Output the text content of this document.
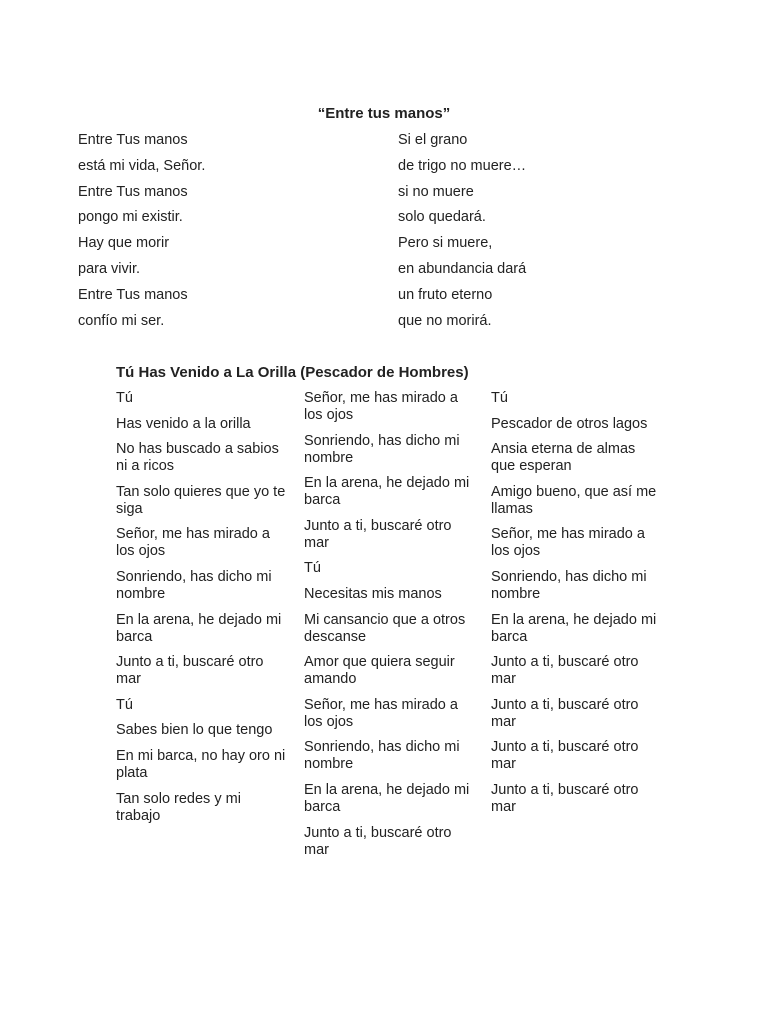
“Entre tus manos”
Entre Tus manos
está mi vida, Señor.
Entre Tus manos
pongo mi existir.
Hay que morir
para vivir.
Entre Tus manos
confío mi ser.
Si el grano
de trigo no muere…
si no muere
solo quedará.
Pero si muere,
en abundancia dará
un fruto eterno
que no morirá.
Tú Has Venido a La Orilla (Pescador de Hombres)
Tú
Has venido a la orilla
No has buscado a sabios ni a ricos
Tan solo quieres que yo te siga
Señor, me has mirado a los ojos
Sonriendo, has dicho mi nombre
En la arena, he dejado mi barca
Junto a ti, buscaré otro mar
Tú
Sabes bien lo que tengo
En mi barca, no hay oro ni plata
Tan solo redes y mi trabajo
Señor, me has mirado a los ojos
Sonriendo, has dicho mi nombre
En la arena, he dejado mi barca
Junto a ti, buscaré otro mar
Tú
Necesitas mis manos
Mi cansancio que a otros descanse
Amor que quiera seguir amando
Señor, me has mirado a los ojos
Sonriendo, has dicho mi nombre
En la arena, he dejado mi barca
Junto a ti, buscaré otro mar
Tú
Pescador de otros lagos
Ansia eterna de almas que esperan
Amigo bueno, que así me llamas
Señor, me has mirado a los ojos
Sonriendo, has dicho mi nombre
En la arena, he dejado mi barca
Junto a ti, buscaré otro mar
Junto a ti, buscaré otro mar
Junto a ti, buscaré otro mar
Junto a ti, buscaré otro mar
